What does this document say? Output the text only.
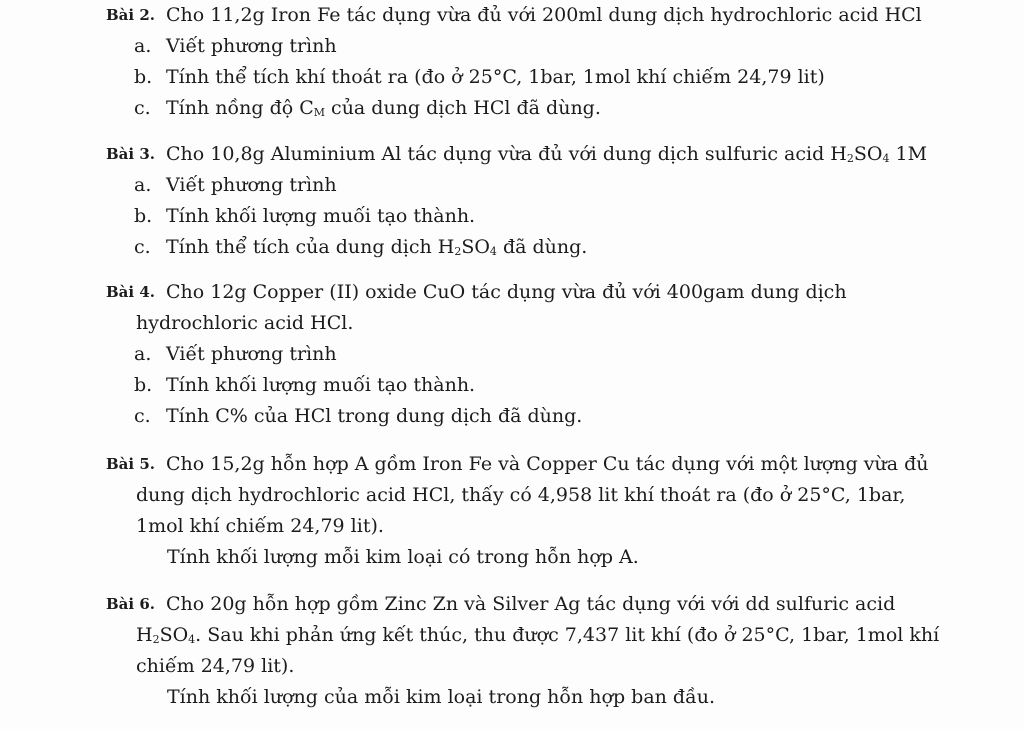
Bài 2. Cho 11,2g Iron Fe tác dụng vừa đủ với 200ml dung dịch hydrochloric acid HCl
a. Viết phương trình
b. Tính thể tích khí thoát ra (đo ở 25°C, 1bar, 1mol khí chiếm 24,79 lit)
c. Tính nồng độ $C_M$ của dung dịch HCl đã dùng.
Bài 3. Cho 10,8g Aluminium Al tác dụng vừa đủ với dung dịch sulfuric acid $H_2SO_4$ 1M
a. Viết phương trình
b. Tính khối lượng muối tạo thành.
c. Tính thể tích của dung dịch $H_2SO_4$ đã dùng.
Bài 4. Cho 12g Copper (II) oxide CuO tác dụng vừa đủ với 400gam dung dịch
hydrochloric acid HCl.
a. Viết phương trình
b. Tính khối lượng muối tạo thành.
c. Tính C% của HCl trong dung dịch đã dùng.
Bài 5. Cho 15,2g hỗn hợp A gồm Iron Fe và Copper Cu tác dụng với một lượng vừa đủ
dung dịch hydrochloric acid HCl, thấy có 4,958 lit khí thoát ra (đo ở 25°C, 1bar,
1mol khí chiếm 24,79 lit).
Tính khối lượng mỗi kim loại có trong hỗn hợp A.
Bài 6. Cho 20g hỗn hợp gồm Zinc Zn và Silver Ag tác dụng với với dd sulfuric acid
$H_2SO_4$. Sau khi phản ứng kết thúc, thu được 7,437 lit khí (đo ở 25°C, 1bar, 1mol khí
chiếm 24,79 lit).
Tính khối lượng của mỗi kim loại trong hỗn hợp ban đầu.
